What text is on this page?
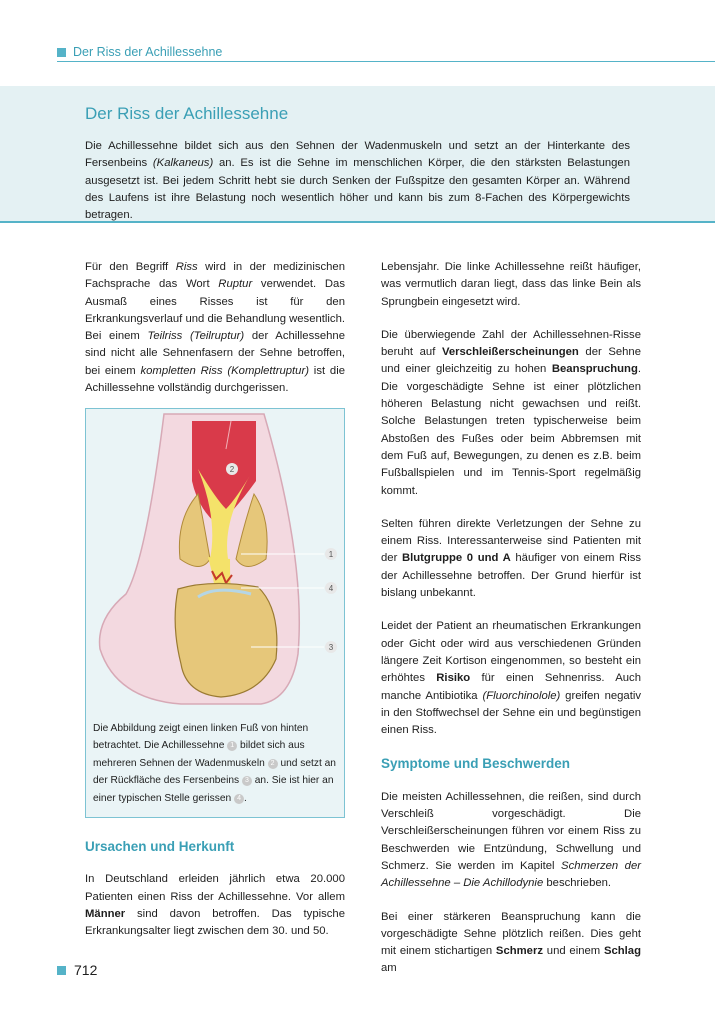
Der Riss der Achillessehne
Der Riss der Achillessehne

Die Achillessehne bildet sich aus den Sehnen der Wadenmuskeln und setzt an der Hinterkante des Fersenbeins (Kalkaneus) an. Es ist die Sehne im menschlichen Körper, die den stärksten Belastungen ausgesetzt ist. Bei jedem Schritt hebt sie durch Senken der Fußspitze den gesamten Körper an. Während des Laufens ist ihre Belastung noch wesentlich höher und kann bis zum 8-Fachen des Körpergewichts betragen.

Für den Begriff Riss wird in der medizinischen Fachsprache das Wort Ruptur verwendet. Das Ausmaß eines Risses ist für den Erkrankungsverlauf und die Behandlung wesentlich. Bei einem Teilriss (Teilruptur) der Achillessehne sind nicht alle Sehnenfasern der Sehne betroffen, bei einem kompletten Riss (Komplettruptur) ist die Achillessehne vollständig durchgerissen.

2
1
4
3
Die Abbildung zeigt einen linken Fuß von hinten betrachtet. Die Achillessehne 1 bildet sich aus mehreren Sehnen der Wadenmuskeln 2 und setzt an der Rückfläche des Fersenbeins 3 an. Sie ist hier an einer typischen Stelle gerissen 4 .
Ursachen und Herkunft

In Deutschland erleiden jährlich etwa 20.000 Patienten einen Riss der Achillessehne. Vor allem Männer sind davon betroffen. Das typische Erkrankungsalter liegt zwischen dem 30. und 50.

Lebensjahr. Die linke Achillessehne reißt häufiger, was vermutlich daran liegt, dass das linke Bein als Sprungbein eingesetzt wird.

Die überwiegende Zahl der Achillessehnen-Risse beruht auf Verschleißerscheinungen der Sehne und einer gleichzeitig zu hohen Beanspruchung. Die vorgeschädigte Sehne ist einer plötzlichen höheren Belastung nicht gewachsen und reißt. Solche Belastungen treten typischerweise beim Abstoßen des Fußes oder beim Abbremsen mit dem Fuß auf, Bewegungen, zu denen es z.B. beim Fußballspielen und im Tennis-Sport regelmäßig kommt.

Selten führen direkte Verletzungen der Sehne zu einem Riss. Interessanterweise sind Patienten mit der Blutgruppe 0 und A häufiger von einem Riss der Achillessehne betroffen. Der Grund hierfür ist bislang unbekannt.

Leidet der Patient an rheumatischen Erkrankungen oder Gicht oder wird aus verschiedenen Gründen längere Zeit Kortison eingenommen, so besteht ein erhöhtes Risiko für einen Sehnenriss. Auch manche Antibiotika (Fluorchinolole) greifen negativ in den Stoffwechsel der Sehne ein und begünstigen einen Riss.

Symptome und Beschwerden

Die meisten Achillessehnen, die reißen, sind durch Verschleiß vorgeschädigt. Die Verschleißerscheinungen führen vor einem Riss zu Beschwerden wie Entzündung, Schwellung und Schmerz. Sie werden im Kapitel Schmerzen der Achillessehne – Die Achillodynie beschrieben.

Bei einer stärkeren Beanspruchung kann die vorgeschädigte Sehne plötzlich reißen. Dies geht mit einem stichartigen Schmerz und einem Schlag am

712
